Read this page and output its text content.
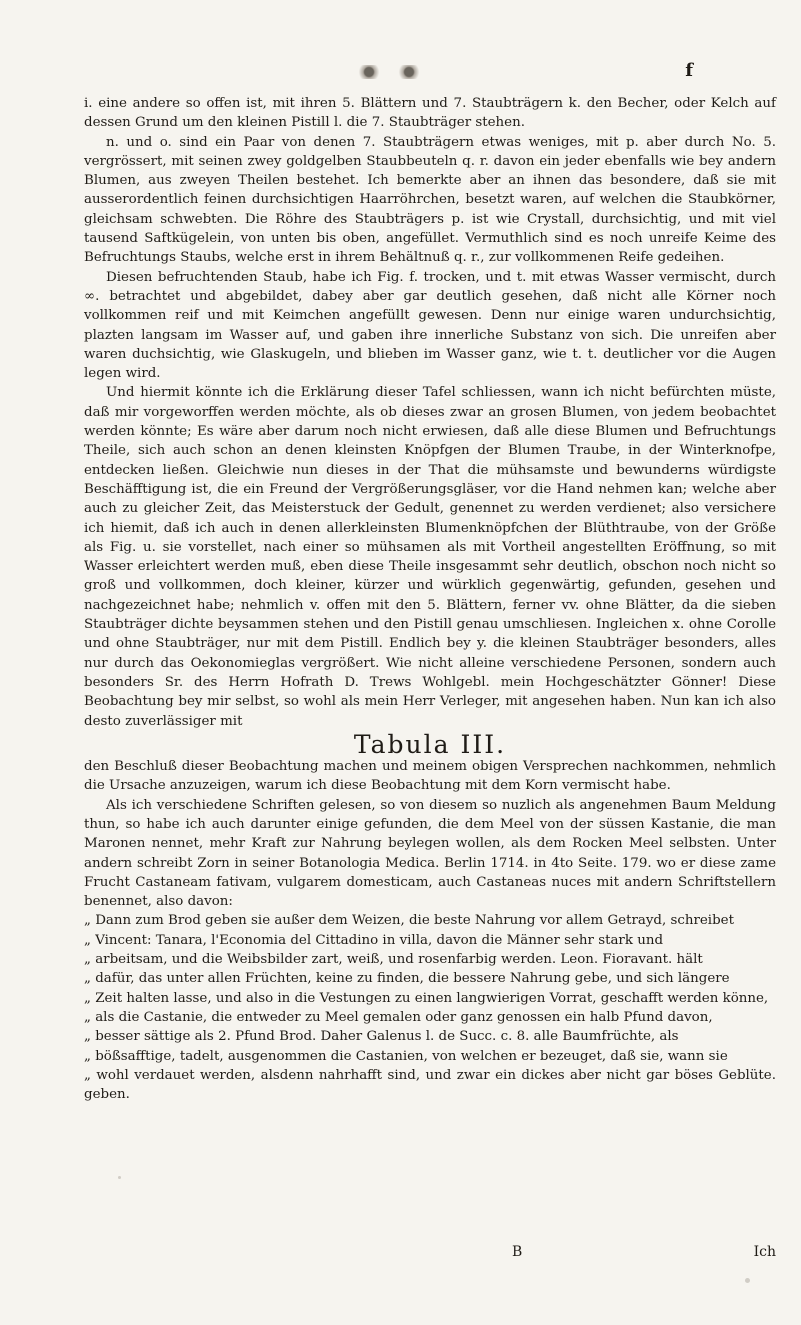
f

i. eine andere so offen ist, mit ihren 5. Blättern und 7. Staubträgern k. den Becher, oder Kelch auf dessen Grund um den kleinen Pistill l. die 7. Staubträger stehen.

n. und o. sind ein Paar von denen 7. Staubträgern etwas weniges, mit p. aber durch No. 5. vergrössert, mit seinen zwey goldgelben Staubbeuteln q. r. davon ein jeder ebenfalls wie bey andern Blumen, aus zweyen Theilen bestehet. Ich bemerkte aber an ihnen das besondere, daß sie mit ausserordentlich feinen durchsichtigen Haarröhrchen, besetzt waren, auf welchen die Staubkörner, gleichsam schwebten. Die Röhre des Staubträgers p. ist wie Crystall, durchsichtig, und mit viel tausend Saftkügelein, von unten bis oben, angefüllet. Vermuthlich sind es noch unreife Keime des Befruchtungs Staubs, welche erst in ihrem Behältnuß q. r., zur vollkommenen Reife gedeihen.

Diesen befruchtenden Staub, habe ich Fig. f. trocken, und t. mit etwas Wasser vermischt, durch ∞. betrachtet und abgebildet, dabey aber gar deutlich gesehen, daß nicht alle Körner noch vollkommen reif und mit Keimchen angefüllt gewesen. Denn nur einige waren undurchsichtig, plazten langsam im Wasser auf, und gaben ihre innerliche Substanz von sich. Die unreifen aber waren duchsichtig, wie Glaskugeln, und blieben im Wasser ganz, wie t. t. deutlicher vor die Augen legen wird.

Und hiermit könnte ich die Erklärung dieser Tafel schliessen, wann ich nicht befürchten müste, daß mir vorgeworffen werden möchte, als ob dieses zwar an grosen Blumen, von jedem beobachtet werden könnte; Es wäre aber darum noch nicht erwiesen, daß alle diese Blumen und Befruchtungs Theile, sich auch schon an denen kleinsten Knöpfgen der Blumen Traube, in der Winterknofpe, entdecken ließen. Gleichwie nun dieses in der That die mühsamste und bewunderns würdigste Beschäfftigung ist, die ein Freund der Vergrößerungsgläser, vor die Hand nehmen kan; welche aber auch zu gleicher Zeit, das Meisterstuck der Gedult, genennet zu werden verdienet; also versichere ich hiemit, daß ich auch in denen allerkleinsten Blumenknöpfchen der Blüthtraube, von der Größe als Fig. u. sie vorstellet, nach einer so mühsamen als mit Vortheil angestellten Eröffnung, so mit Wasser erleichtert werden muß, eben diese Theile insgesammt sehr deutlich, obschon noch nicht so groß und vollkommen, doch kleiner, kürzer und würklich gegenwärtig, gefunden, gesehen und nachgezeichnet habe; nehmlich v. offen mit den 5. Blättern, ferner vv. ohne Blätter, da die sieben Staubträger dichte beysammen stehen und den Pistill genau umschliesen. Ingleichen x. ohne Corolle und ohne Staubträger, nur mit dem Pistill. Endlich bey y. die kleinen Staubträger besonders, alles nur durch das Oekonomieglas vergrößert. Wie nicht alleine verschiedene Personen, sondern auch besonders Sr. des Herrn Hofrath D. Trews Wohlgebl. mein Hochgeschätzter Gönner! Diese Beobachtung bey mir selbst, so wohl als mein Herr Verleger, mit angesehen haben. Nun kan ich also desto zuverlässiger mit

Tabula III.

den Beschluß dieser Beobachtung machen und meinem obigen Versprechen nachkommen, nehmlich die Ursache anzuzeigen, warum ich diese Beobachtung mit dem Korn vermischt habe.

Als ich verschiedene Schriften gelesen, so von diesem so nuzlich als angenehmen Baum Meldung thun, so habe ich auch darunter einige gefunden, die dem Meel von der süssen Kastanie, die man Maronen nennet, mehr Kraft zur Nahrung beylegen wollen, als dem Rocken Meel selbsten. Unter andern schreibt Zorn in seiner Botanologia Medica. Berlin 1714. in 4to Seite. 179. wo er diese zame Frucht Castaneam fativam, vulgarem domesticam, auch Castaneas nuces mit andern Schriftstellern benennet, also davon:

„ Dann zum Brod geben sie außer dem Weizen, die beste Nahrung vor allem Getrayd, schreibet

„ Vincent: Tanara, l'Economia del Cittadino in villa, davon die Männer sehr stark und

„ arbeitsam, und die Weibsbilder zart, weiß, und rosenfarbig werden. Leon. Fioravant. hält

„ dafür, das unter allen Früchten, keine zu finden, die bessere Nahrung gebe, und sich längere

„ Zeit halten lasse, und also in die Vestungen zu einen langwierigen Vorrat, geschafft werden könne,

„ als die Castanie, die entweder zu Meel gemalen oder ganz genossen ein halb Pfund davon,

„ besser sättige als 2. Pfund Brod. Daher Galenus l. de Succ. c. 8. alle Baumfrüchte, als

„ bößsafftige, tadelt, ausgenommen die Castanien, von welchen er bezeuget, daß sie, wann sie

„ wohl verdauet werden, alsdenn nahrhafft sind, und zwar ein dickes aber nicht gar böses Geblüte. geben.

B	Ich
